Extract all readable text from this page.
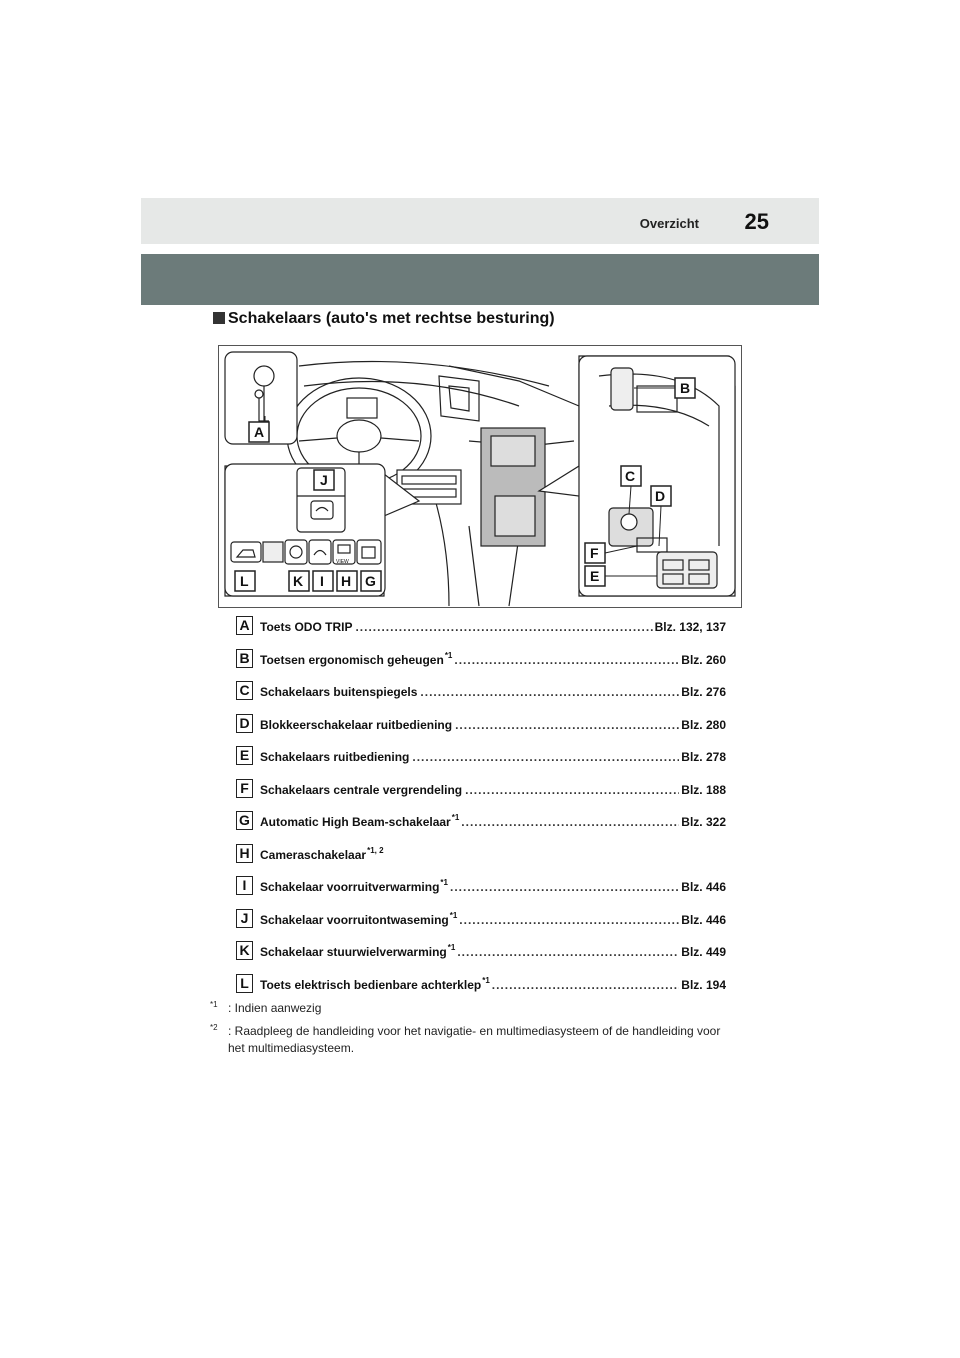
Overzicht 25
Schakelaars (auto's met rechtse besturing)
A
B
C
D
F
E
J
L	K I H G
VIEW
A Toets ODO TRIP .....	Blz. 132, 137
B Toetsen ergonomisch geheugen$^{*1}$ .....	Blz. 260
C Schakelaars buitenspiegels .....	Blz. 276
D Blokkeerschakelaar ruitbediening .....	Blz. 280
E Schakelaars ruitbediening .....	Blz. 278
F Schakelaars centrale vergrendeling .....	Blz. 188
G Automatic High Beam-schakelaar$^{*1}$ .....	Blz. 322
H Cameraschakelaar$^{*1, 2}$
I	Schakelaar voorruitverwarming$^{*1}$ .....	Blz. 446
J Schakelaar voorruitontwaseming$^{*1}$ .....	Blz. 446
K Schakelaar stuurwielverwarming$^{*1}$ .....	Blz. 449
L Toets elektrisch bedienbare achterklep$^{*1}$ .....	Blz. 194
*1 : Indien aanwezig
*2 : Raadpleeg de handleiding voor het navigatie- en multimediasysteem of de handleiding voor het multimediasysteem.
